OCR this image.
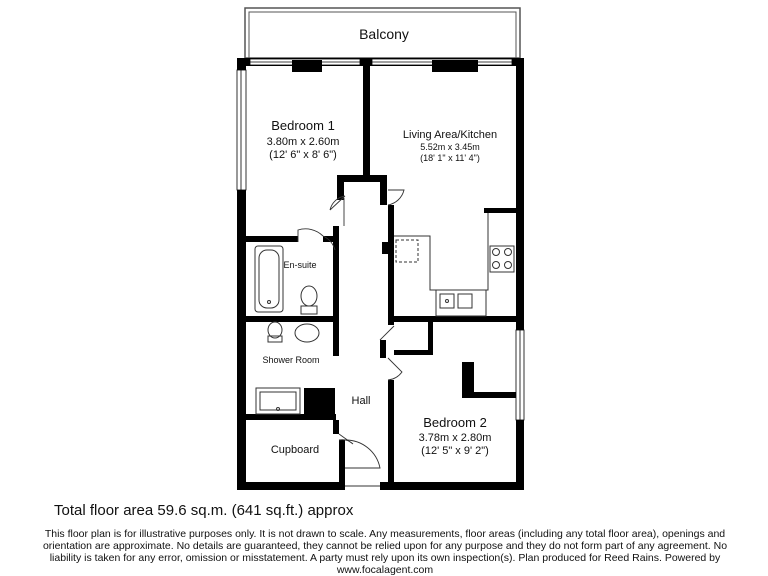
Balcony
Bedroom 1
3.80m x 2.60m
(12' 6" x 8' 6")
Living Area/Kitchen
5.52m x 3.45m
(18' 1" x 11' 4")
En-suite
Shower Room
Hall
Bedroom 2
3.78m x 2.80m
(12' 5" x 9' 2")
Cupboard
Total floor area 59.6 sq.m. (641 sq.ft.) approx
This floor plan is for illustrative purposes only. It is not drawn to scale. Any measurements, floor areas (including any total floor area), openings and
orientation are approximate. No details are guaranteed, they cannot be relied upon for any purpose and they do not form part of any agreement. No
liability is taken for any error, omission or misstatement. A party must rely upon its own inspection(s). Plan produced for Reed Rains. Powered by
www.focalagent.com
